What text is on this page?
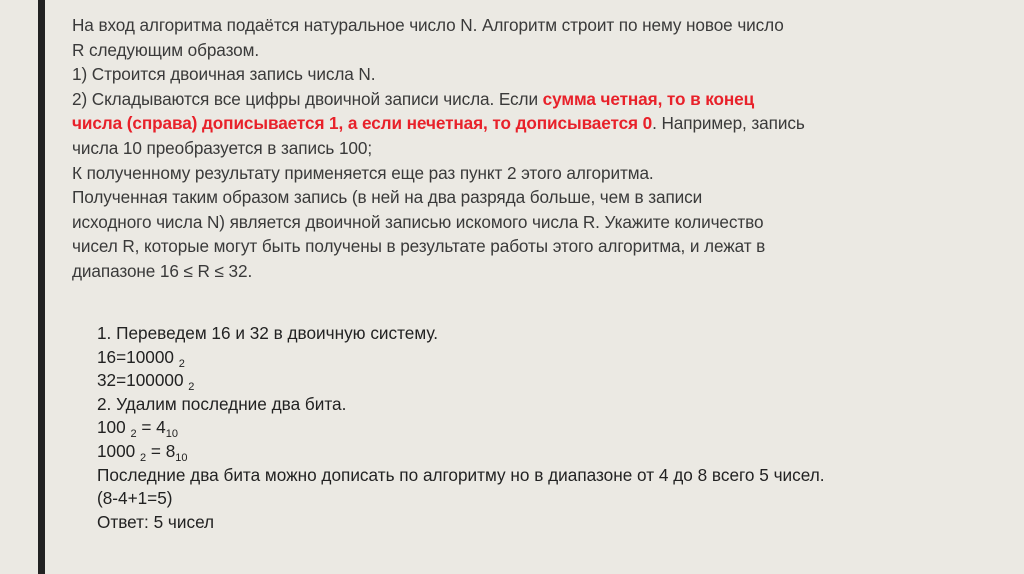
На вход алгоритма подаётся натуральное число N. Алгоритм строит по нему новое число
R следующим образом.
1) Строится двоичная запись числа N.
2) Складываются все цифры двоичной записи числа. Если сумма четная, то в конец
числа (справа) дописывается 1, а если нечетная, то дописывается 0. Например, запись
числа 10 преобразуется в запись 100;
К полученному результату применяется еще раз пункт 2 этого алгоритма.
Полученная таким образом запись (в ней на два разряда больше, чем в записи
исходного числа N) является двоичной записью искомого числа R. Укажите количество
чисел R, которые могут быть получены в результате работы этого алгоритма, и лежат в
диапазоне 16 ≤ R ≤ 32.
1. Переведем 16 и 32 в двоичную систему.
16=10000 $_2$
32=100000 $_2$
2. Удалим последние два бита.
100 $_2 = 4_{10}$
1000 $_2 = 8_{10}$
Последние два бита можно дописать по алгоритму но в диапазоне от 4 до 8 всего 5 чисел.
(8-4+1=5)
Ответ: 5 чисел
